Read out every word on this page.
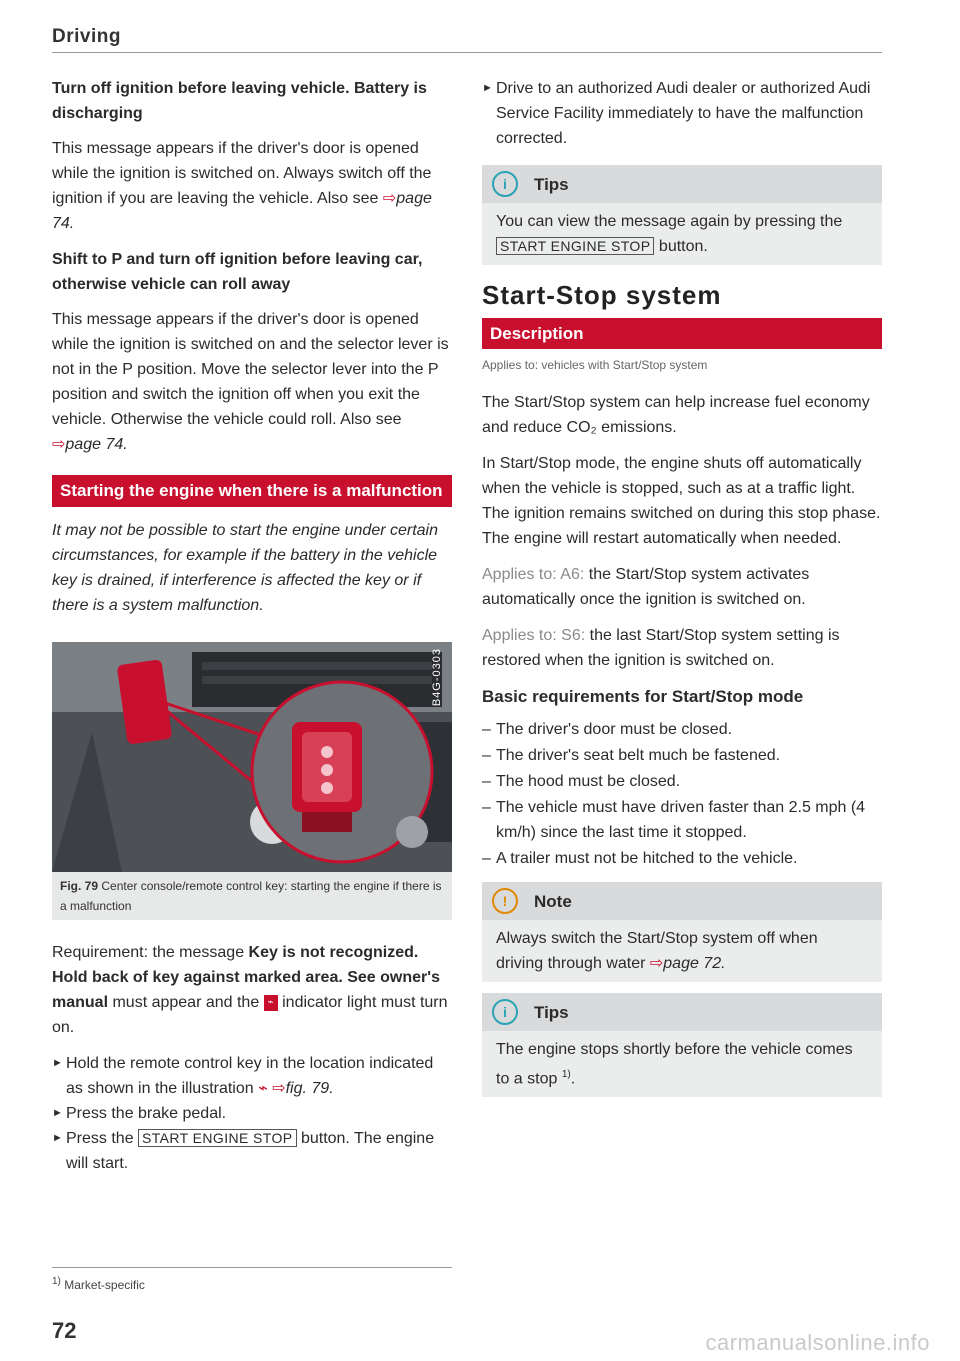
Driving
Turn off ignition before leaving vehicle. Battery is discharging

This message appears if the driver's door is opened while the ignition is switched on. Always switch off the ignition if you are leaving the vehicle. Also see ⇨page 74.

Shift to P and turn off ignition before leaving car, otherwise vehicle can roll away

This message appears if the driver's door is opened while the ignition is switched on and the selector lever is not in the P position. Move the selector lever into the P position and switch the ignition off when you exit the vehicle. Otherwise the vehicle could roll. Also see ⇨page 74.

Starting the engine when there is a malfunction

It may not be possible to start the engine under certain circumstances, for example if the battery in the vehicle key is drained, if interference is affected the key or if there is a system malfunction.

B4G-0303
Fig. 79 Center console/remote control key: starting the engine if there is a malfunction

Requirement: the message Key is not recognized. Hold back of key against marked area. See owner's manual must appear and the ⌁ indicator light must turn on.

► Hold the remote control key in the location indicated as shown in the illustration ⌁ ⇨fig. 79.
► Press the brake pedal.
► Press the START ENGINE STOP button. The engine will start.
$^{1)}$ Market-specific
72
► Drive to an authorized Audi dealer or authorized Audi Service Facility immediately to have the malfunction corrected.
i	Tips
You can view the message again by pressing the START ENGINE STOP button.
Start-Stop system
Description
Applies to: vehicles with Start/Stop system

The Start/Stop system can help increase fuel economy and reduce CO₂ emissions.

In Start/Stop mode, the engine shuts off automatically when the vehicle is stopped, such as at a traffic light. The ignition remains switched on during this stop phase. The engine will restart automatically when needed.

Applies to: A6: the Start/Stop system activates automatically once the ignition is switched on.

Applies to: S6: the last Start/Stop system setting is restored when the ignition is switched on.

Basic requirements for Start/Stop mode
– The driver's door must be closed.
– The driver's seat belt much be fastened.
– The hood must be closed.
– The vehicle must have driven faster than 2.5 mph (4 km/h) since the last time it stopped.
– A trailer must not be hitched to the vehicle.
!	Note
Always switch the Start/Stop system off when driving through water ⇨page 72.
i	Tips
The engine stops shortly before the vehicle comes to a stop $^{1)}$.
carmanualsonline.info
